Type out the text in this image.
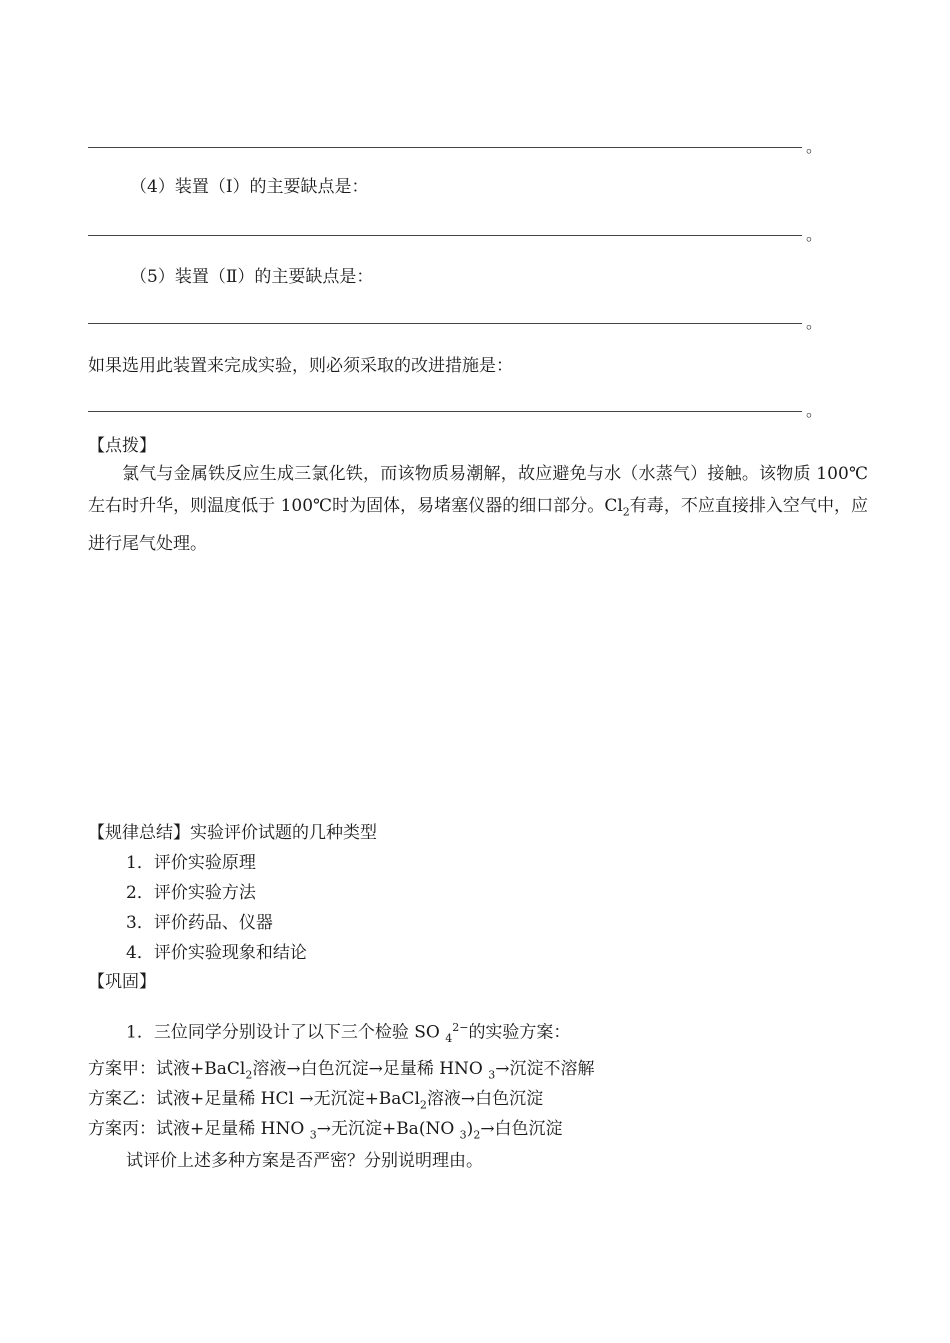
。
（4）装置（Ⅰ）的主要缺点是：
。
（5）装置（Ⅱ）的主要缺点是：
。
如果选用此装置来完成实验，则必须采取的改进措施是：
。
【点拨】
氯气与金属铁反应生成三氯化铁，而该物质易潮解，故应避免与水（水蒸气）接触。该物质 100℃左右时升华，则温度低于 100℃时为固体，易堵塞仪器的细口部分。$Cl_2$有毒，不应直接排入空气中，应进行尾气处理。
【规律总结】实验评价试题的几种类型
1．评价实验原理
2．评价实验方法
3．评价药品、仪器
4．评价实验现象和结论
【巩固】
1．三位同学分别设计了以下三个检验 SO $_4^{2-}$的实验方案：
方案甲：试液+BaCl$_2$溶液→白色沉淀→足量稀 HNO $_3$→沉淀不溶解
方案乙：试液+足量稀 HCl →无沉淀+BaCl$_2$溶液→白色沉淀
方案丙：试液+足量稀 HNO $_3$→无沉淀+Ba(NO $_3)_2\to$白色沉淀
试评价上述多种方案是否严密？分别说明理由。
